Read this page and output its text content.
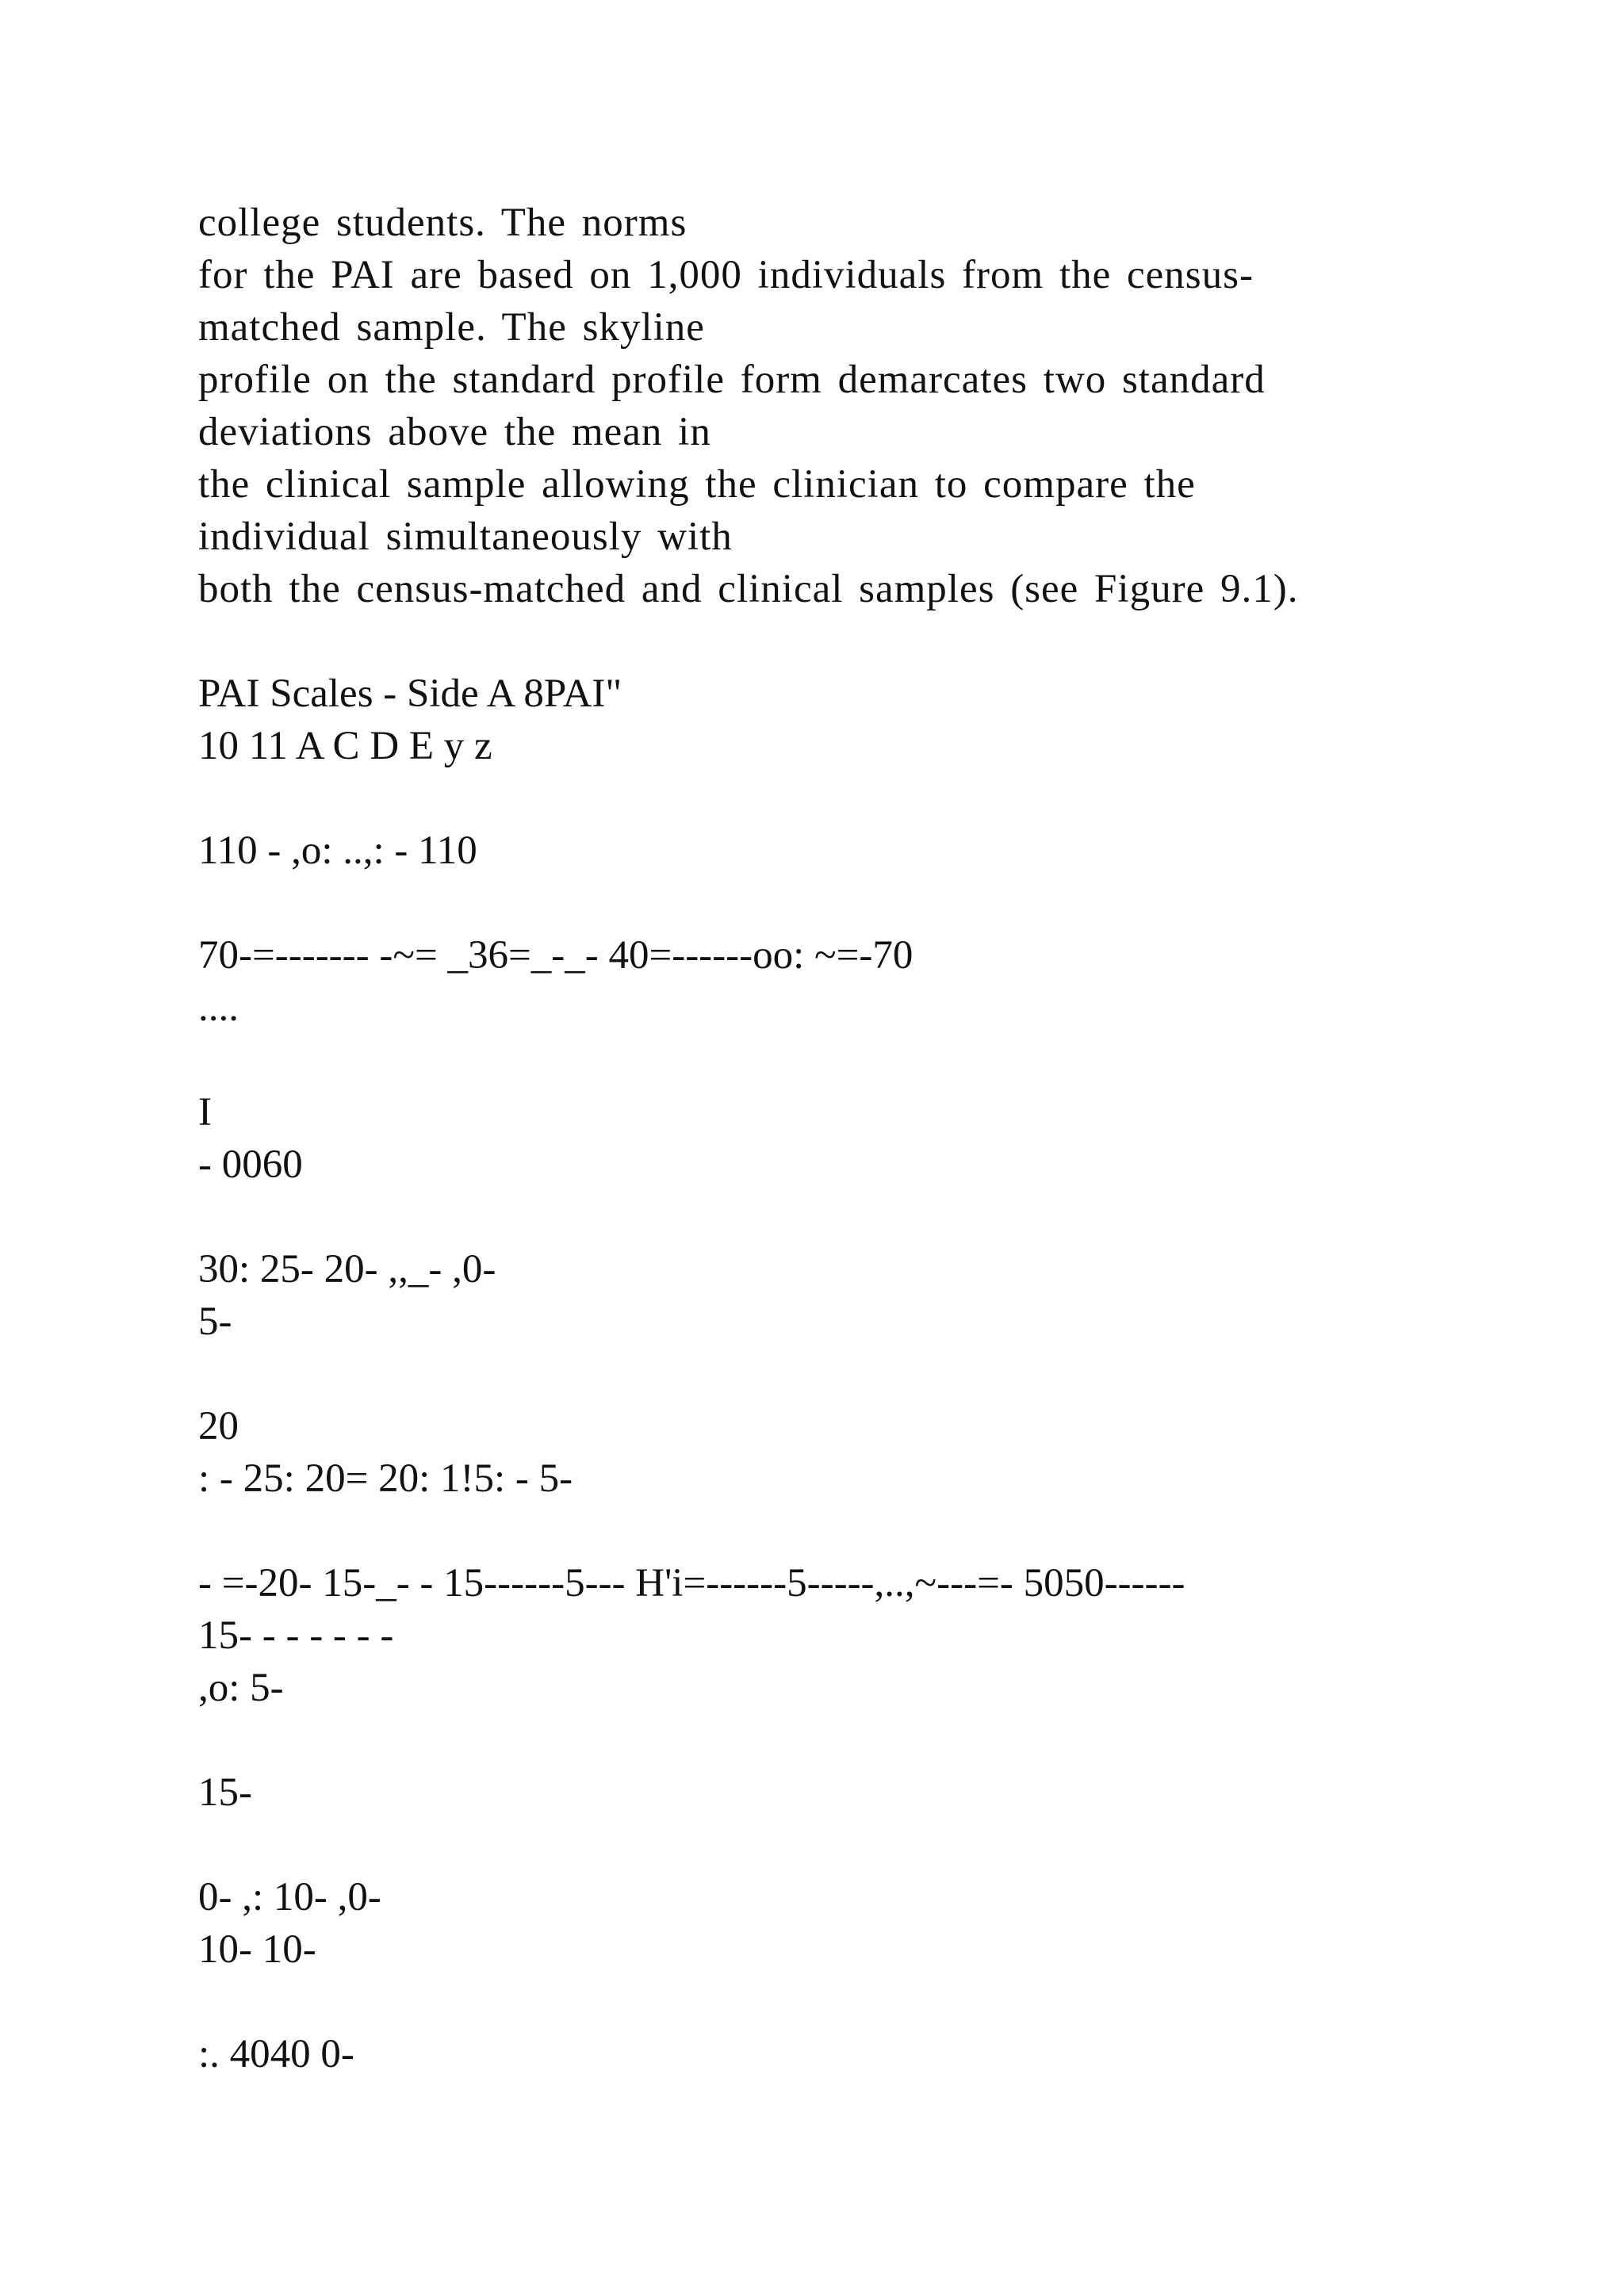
college students. The norms

for the PAI are based on 1,000 individuals from the census-

matched sample. The skyline

profile on the standard profile form demarcates two standard

deviations above the mean in

the clinical sample allowing the clinician to compare the

individual simultaneously with

both the census-matched and clinical samples (see Figure 9.1).

PAI Scales - Side A 8PAI"

10 11 A C D E y z

110 - ,o: ..,: - 110

70-=------- -~= _36=_-_- 40=------oo: ~=-70

....

I

- 0060

30: 25- 20- ,,_- ,0-

5-

20

: - 25: 20= 20: 1!5: - 5-

- =-20- 15-_- - 15------5--- H'i=------5-----,..,~---=- 5050------

15- - - - - - -

,o: 5-

15-

0- ,: 10- ,0-

10- 10-

:. 4040 0-
